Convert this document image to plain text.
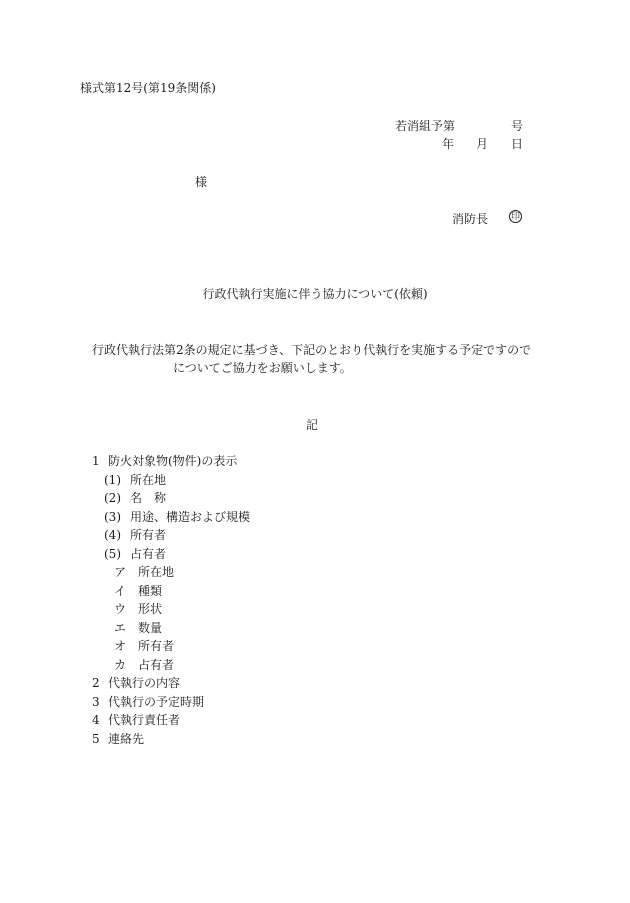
様式第12号(第19条関係)
若消組予第	号
年 月 日
様
消防長	印
行政代執行実施に伴う協力について(依頼)
行政代執行法第2条の規定に基づき、下記のとおり代執行を実施する予定ですので
についてご協力をお願いします。
記
1 防火対象物(物件)の表示
(1) 所在地
(2) 名　称
(3) 用途、構造および規模
(4) 所有者
(5) 占有者
ア 所在地
イ 種類
ウ 形状
エ 数量
オ 所有者
カ 占有者
2 代執行の内容
3 代執行の予定時期
4 代執行責任者
5 連絡先
